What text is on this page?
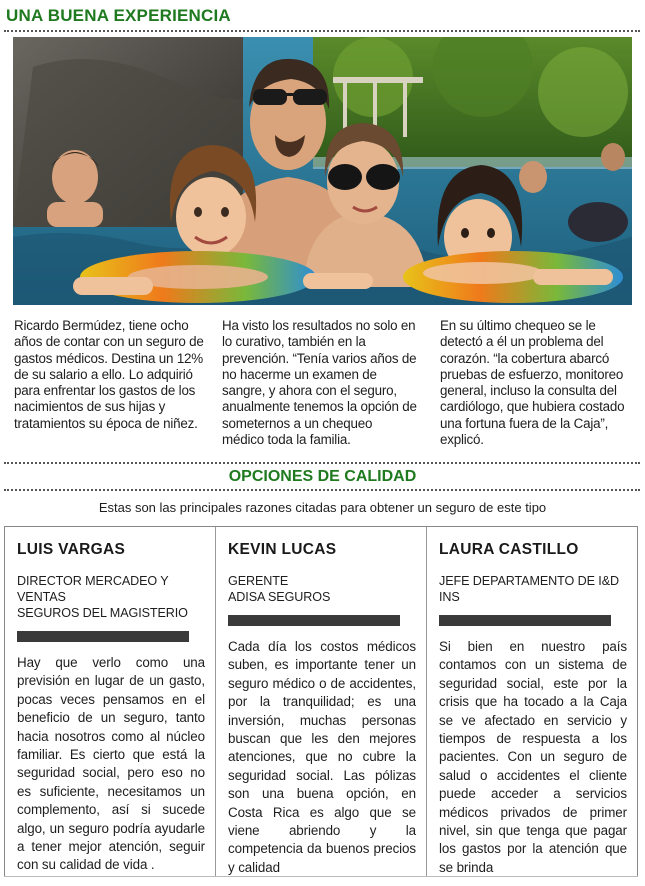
UNA BUENA EXPERIENCIA

Ricardo Bermúdez, tiene ocho años de contar con un seguro de gastos médicos. Destina un 12% de su salario a ello. Lo adquirió para enfrentar los gastos de los nacimientos de sus hijas y tratamientos su época de niñez.

Ha visto los resultados no solo en lo curativo, también en la prevención. “Tenía varios años de no hacerme un examen de sangre, y ahora con el seguro, anualmente tenemos la opción de someternos a un chequeo médico toda la familia.

En su último chequeo se le detectó a él un problema del corazón. “la cobertura abarcó pruebas de esfuerzo, monitoreo general, incluso la consulta del cardiólogo, que hubiera costado una fortuna fuera de la Caja”, explicó.

OPCIONES DE CALIDAD
Estas son las principales razones citadas para obtener un seguro de este tipo
LUIS VARGAS
DIRECTOR MERCADEO Y VENTAS
SEGUROS DEL MAGISTERIO
Hay que verlo como una previsión en lugar de un gasto, pocas veces pensamos en el beneficio de un seguro, tanto hacia nosotros como al núcleo familiar. Es cierto que está la seguridad social, pero eso no es suficiente, necesitamos un complemento, así si sucede algo, un seguro podría ayudarle a tener mejor atención, seguir con su calidad de vida .
KEVIN LUCAS
GERENTE
ADISA SEGUROS
Cada día los costos médicos suben, es importante tener un seguro médico o de accidentes, por la tranquilidad; es una inversión, muchas personas buscan que les den mejores atenciones, que no cubre la seguridad social. Las pólizas son una buena opción, en Costa Rica es algo que se viene abriendo y la competencia da buenos precios y calidad
LAURA CASTILLO
JEFE DEPARTAMENTO DE I&D
INS
Si bien en nuestro país contamos con un sistema de seguridad social, este por la crisis que ha tocado a la Caja se ve afectado en servicio y tiempos de respuesta a los pacientes. Con un seguro de salud o accidentes el cliente puede acceder a servicios médicos privados de primer nivel, sin que tenga que pagar los gastos por la atención que se brinda
